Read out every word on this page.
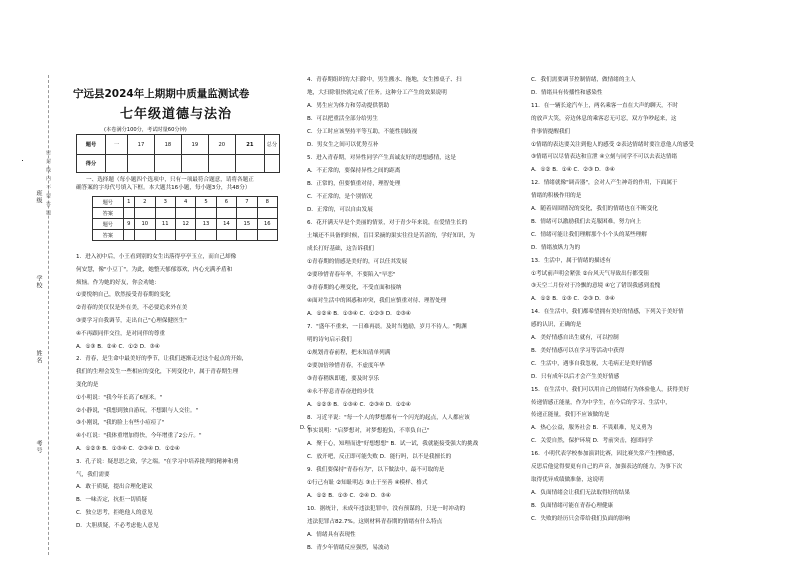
密 封 线 内 不 要 答 题
班级
学校
姓名
考号
宁远县2024年上期期中质量监测试卷
七年级道德与法治
(本卷满分100分，考试时量60分钟)
题号	一	17	18	19	20	21	总分
得分							
一、选择题（每小题四个选项中，只有一项最符合题意，请将各题正
确答案的字母代号填入下框。本大题共16小题，每小题3分，共48分）
题号	1	2	3	4	5	6	7	8
答案								
题号	9	10	11	12	13	14	15	16
答案								
1．进入初中后，小王看到别的女生出落得亭亭玉立，而自己却像
何安慧，像"小豆丁"。为此，她整天郁郁寡欢，内心充满矛盾和
烦恼。作为她的好友，你会劝她：
①要悦纳自己，欣然接受青春期的变化
②青春的美仅仅是外在美，不必要追求外在美
③要学习自我调节，走出自己"心理保健医生"
④不再跟同伴交往，是对同伴的尊重
A．①③ B．②④ C．①② D．③④
2．青春，是生命中最美好的季节，让我们逐渐走过这个起点的开始，
我们的生理会发生一些相应的变化，下列变化中，属于青春期生理
变化的是
①小明说："我今年长高了6厘米。"
②小静说，"我想到独自游玩，不想跟与人交往。"
③小刚说，"我的脸上有些小痘痘了"
④小红说："我体重增加得快，今年增重了2公斤。"
A．①②③ B．①③④ C．②③④ D．①②④
3．孔子说：疑思思之致，学之端。"在学习中培养批判的精神和勇
气，我们需要
A．敢于质疑，提出合理化建议
B．一味否定，抗拒一切质疑
C．独立思考，拒绝他人的意见
D．大胆质疑，不必考虑他人意见
4．青春期组织的大扫除中，男生搬水、拖地，女生擦桌子、扫
地，大扫除很快就完成了任务。这种分工产生的效果说明
A．男生应为体力和劳动提供帮助
B．可以把重活全部分给男生
C．分工时应该坚持平等互助，不能性别歧视
D．男女生之间可以优势互补
5．进入青春期，对异性同学产生真诚友好的思想感情，这是
A．不正常的，要保持异性之间的距离
B．正常的，但要慎重对待，理智处理
C．不正常的，是个别情况
D．正常的，可以自由发展
6．花开满天早是个美丽的情景，对于青少年来说，在爱情生长的
土壤还不具备的时候，盲目采摘的果实往往是苦涩的，学好知识，为
成长打好基础，这告诉我们
①青春期的情感是美好的，可以任其发展
②要珍惜青春年华，不要陷入"早恋"
③青春期的心理变化，不受直面和接纳
④面对生活中的困惑和冲突，我们应慎重对待、理智处理
A．①②④ B．①③④ C．①②③ D．②③④
7．"盛年不重来，一日难再晨。及时当勉励，岁月不待人。"陶渊
明的诗句启示我们
①规划青春前程，把未知清单列满
②要加倍珍惜青春，不虚度年华
③青春稍纵即逝，要及时享乐
④永不停息青春奋进的步伐
A．①②③ B．①③④ C．②③④ D．①②④
8．习近平说："每一个人的梦想都有一个闪光的起点，人人都应该
事实说明："启梦想对，对梦想抱负，不辜负自己"
A．聚于心，知理而进"好想想想" B．试一试，我就能接受强大的挑战
C．放开吧，反正即可能失败 D．能行吗，以不是我擅长的
9．我们要保持"青春有为"，以下做法中，最不可取的是
①行己有耻 ②知耻明志 ③止于至善 ④模样、格式
A．①② B．①③ C．②④ D．③④
10．据统计，未成年违法犯罪中，没有预谋的，只是一时冲动的
违法犯罪占82.7%。这则材料青春期的情绪有什么特点
A．情绪具有表现性
B．青少年情绪反应强烈，易波动
C．我们需要调节控制情绪，做情绪的主人
D．情绪具有传播性和感染性
11．在一辆长途汽车上，两名乘客一直在大声的聊天，不时
的放声大笑，旁边休息的乘客忍无可忍，双方争吵起来，这
件事情提醒我们
①情绪的表达要关注到他人的感受 ②表达情绪时要注意他人的感受
③情绪可以尽情表达和宣泄 ④立刻与同学不可以去表达情绪
A．①② B．①④ C．②③ D．③④
12．情绪就像"调音器"，会对人产生神奇的作用，下面属于
情绪的积极作用的是
A．随着周围情况的变化，我们的情绪也在不断变化
B．情绪可以激励我们去克服困难，努力向上
C．情绪可能让我们理解那个小个头的某些理解
D．情绪放纵力为的
13．生活中，属于情绪的描述有
①考试前声明会紧张 ②台风天气导致出行都受阻
③天空二月份对于冷飘的意境 ④它了错误我感到羞愧
A．①② B．①③ C．②③ D．③④
14．在生活中，我们都希望拥有美好的情感，下列关于美好情
感的认识，正确的是
A．美好情感自出生就有，可以控制
B．美好情感可以在学习等活动中获得
C．生活中，遇事自我忽视，大毛病正是美好情感
D．只有成年以后才会产生美好情感
15．在生活中，我们可以用自己的情绪行为体验他人，获得美好
传递情感正能量，作为中学生，在今后的学习、生活中，
传递正能量，我们不应该做的是
A．热心公益，服务社会 B．不畏艰难，见义勇为
C．关爱自然，保护环境 D．考前突击，抱团同学
16．小明代表学校参加演讲比赛，因比赛失常产生挫败感，
反思后他觉得要更有自己的声音，加强表达的能力，为事下次
取得优异成绩做准备，这说明
A．负面情绪会让我们无法取得好的结果
B．负面情绪可能在青春心理健康
C．失败的经历只会带给我们负面的影响
D. C
